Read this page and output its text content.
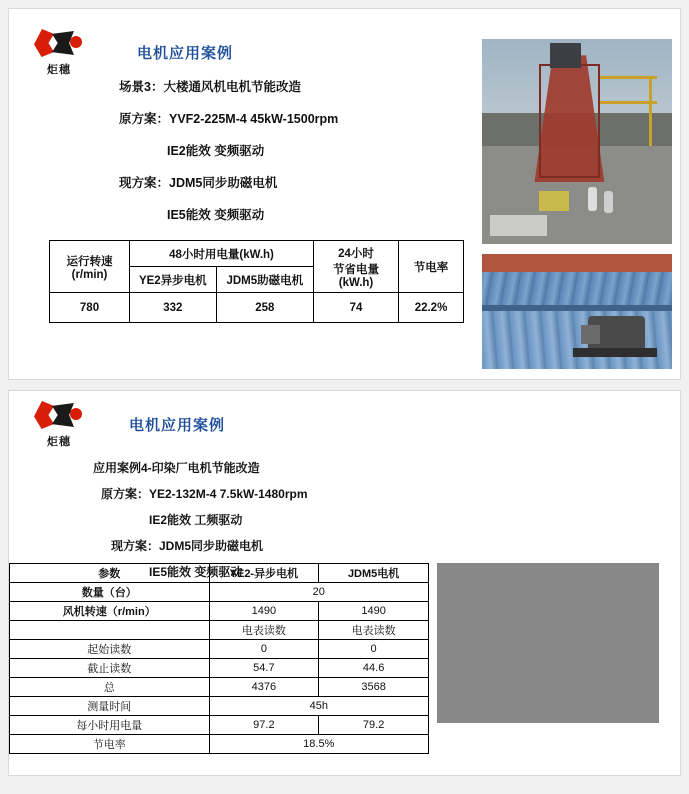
炬穗
电机应用案例
场景3：大楼通风机电机节能改造
原方案：YVF2-225M-4 45kW-1500rpm
IE2能效 变频驱动
现方案：JDM5同步助磁电机
IE5能效 变频驱动
运行转速
(r/min)
	48小时用电量(kW.h)	24小时
节省电量
(kW.h)
	节电率
	YE2异步电机	JDM5助磁电机		
780	332	258	74	22.2%
炬穗
电机应用案例
应用案例4-印染厂电机节能改造
原方案：YE2-132M-4 7.5kW-1480rpm
IE2能效 工频驱动
现方案：JDM5同步助磁电机
IE5能效 变频驱动
参数	YE2-异步电机	JDM5电机
数量（台）	20	
风机转速（r/min）	1490	1490
	电表读数	电表读数
起始读数	0	0
截止读数	54.7	44.6
总	4376	3568
测量时间	45h	
每小时用电量	97.2	79.2
节电率	18.5%	
